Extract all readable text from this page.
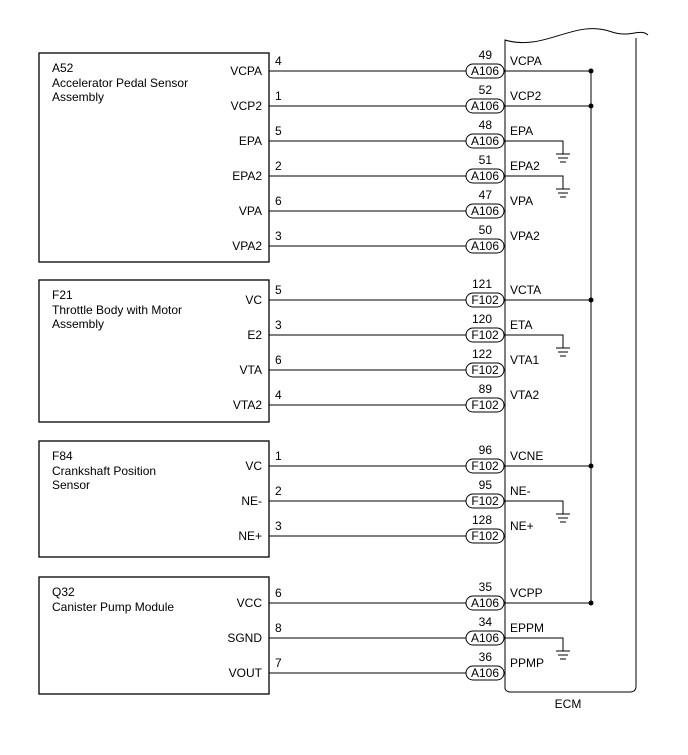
ECM
A52
Accelerator Pedal Sensor
Assembly
VCPA
4
A106
49 VCPA
VCP2
1
A106
52 VCP2
EPA
5
A106
48 EPA
EPA2
2
A106
51 EPA2
VPA
6
A106
47 VPA
VPA2
3
A106
50 VPA2
F21
Throttle Body with Motor
Assembly
VC
5
F102
121 VCTA
E2
3
F102
120 ETA
VTA
6
F102
122 VTA1
VTA2
4
F102
89 VTA2
F84
Crankshaft Position
Sensor
VC
1
F102
96 VCNE
NE-
2
F102
95 NE-
NE+
3
F102
128 NE+
Q32
Canister Pump Module	VCC
6
A106
35 VCPP
SGND
8
A106
34 EPPM
VOUT
7
A106
36 PPMP
